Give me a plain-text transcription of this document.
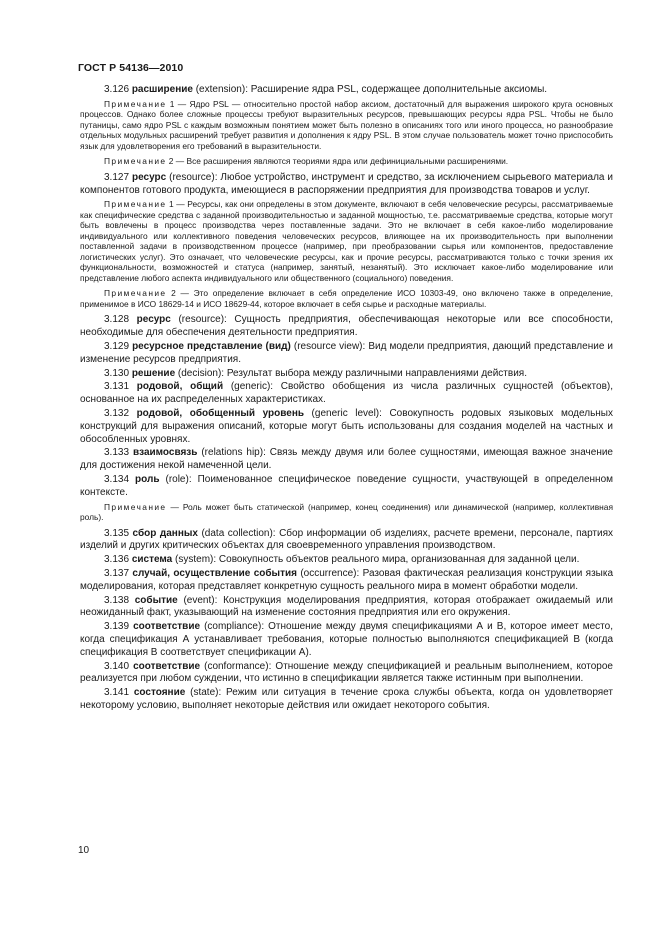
ГОСТ Р 54136—2010

3.126 расширение (extension): Расширение ядра PSL, содержащее дополнительные аксиомы.

Примечание 1 — Ядро PSL — относительно простой набор аксиом, достаточный для выражения широкого круга основных процессов. Однако более сложные процессы требуют выразительных ресурсов, превышающих ресурсы ядра PSL. Чтобы не было путаницы, само ядро PSL с каждым возможным понятием может быть полезно в описаниях того или иного процесса, но разнообразие отдельных модульных расширений требует развития и дополнения к ядру PSL. В этом случае пользователь может точно приспособить язык для удовлетворения его требований в выразительности.

Примечание 2 — Все расширения являются теориями ядра или дефинициальными расширениями.

3.127 ресурс (resource): Любое устройство, инструмент и средство, за исключением сырьевого материала и компонентов готового продукта, имеющиеся в распоряжении предприятия для производства товаров и услуг.

Примечание 1 — Ресурсы, как они определены в этом документе, включают в себя человеческие ресурсы, рассматриваемые как специфические средства с заданной производительностью и заданной мощностью, т.е. рассматриваемые средства, которые могут быть вовлечены в процесс производства через поставленные задачи. Это не включает в себя какое-либо моделирование индивидуального или коллективного поведения человеческих ресурсов, влияющее на их производительность при выполнении поставленной задачи в производственном процессе (например, при преобразовании сырья или компонентов, предоставление логистических услуг). Это означает, что человеческие ресурсы, как и прочие ресурсы, рассматриваются только с точки зрения их функциональности, возможностей и статуса (например, занятый, незанятый). Это исключает какое-либо моделирование или представление любого аспекта индивидуального или общественного (социального) поведения.

Примечание 2 — Это определение включает в себя определение ИСО 10303-49, оно включено также в определение, применимое в ИСО 18629-14 и ИСО 18629-44, которое включает в себя сырье и расходные материалы.

3.128 ресурс (resource): Сущность предприятия, обеспечивающая некоторые или все способности, необходимые для обеспечения деятельности предприятия.

3.129 ресурсное представление (вид) (resource view): Вид модели предприятия, дающий представление и изменение ресурсов предприятия.

3.130 решение (decision): Результат выбора между различными направлениями действия.

3.131 родовой, общий (generic): Свойство обобщения из числа различных сущностей (объектов), основанное на их распределенных характеристиках.

3.132 родовой, обобщенный уровень (generic level): Совокупность родовых языковых модельных конструкций для выражения описаний, которые могут быть использованы для создания моделей на частных и обособленных уровнях.

3.133 взаимосвязь (relations hip): Связь между двумя или более сущностями, имеющая важное значение для достижения некой намеченной цели.

3.134 роль (role): Поименованное специфическое поведение сущности, участвующей в определенном контексте.

Примечание — Роль может быть статической (например, конец соединения) или динамической (например, коллективная роль).

3.135 сбор данных (data collection): Сбор информации об изделиях, расчете времени, персонале, партиях изделий и других критических объектах для своевременного управления производством.

3.136 система (system): Совокупность объектов реального мира, организованная для заданной цели.

3.137 случай, осуществление события (occurrence): Разовая фактическая реализация конструкции языка моделирования, которая представляет конкретную сущность реального мира в момент обработки модели.

3.138 событие (event): Конструкция моделирования предприятия, которая отображает ожидаемый или неожиданный факт, указывающий на изменение состояния предприятия или его окружения.

3.139 соответствие (compliance): Отношение между двумя спецификациями А и В, которое имеет место, когда спецификация А устанавливает требования, которые полностью выполняются спецификацией В (когда спецификация В соответствует спецификации А).

3.140 соответствие (conformance): Отношение между спецификацией и реальным выполнением, которое реализуется при любом суждении, что истинно в спецификации является также истинным при выполнении.

3.141 состояние (state): Режим или ситуация в течение срока службы объекта, когда он удовлетворяет некоторому условию, выполняет некоторые действия или ожидает некоторого события.

10
